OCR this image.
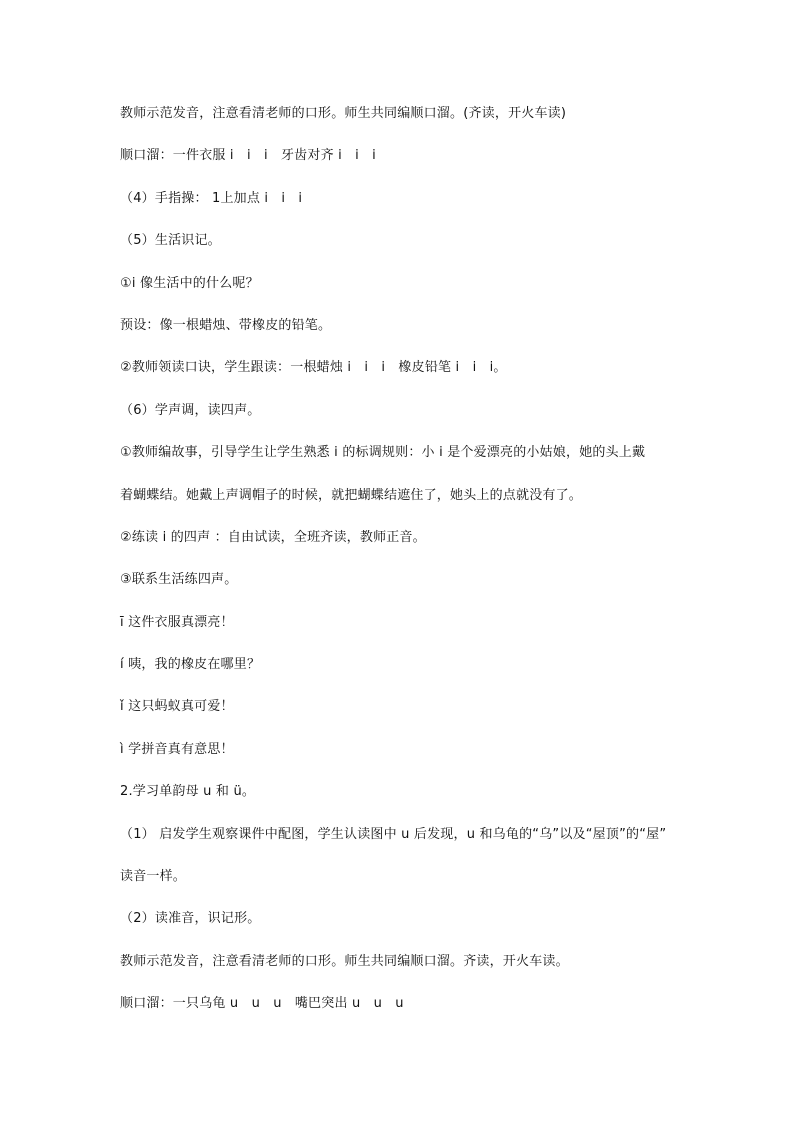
教师示范发音，注意看清老师的口形。师生共同编顺口溜。(齐读，开火车读)
顺口溜：一件衣服 i　i　i　牙齿对齐 i　i　i
（4）手指操： 1上加点 i　i　i
（5）生活识记。
①i 像生活中的什么呢？
预设：像一根蜡烛、带橡皮的铅笔。
②教师领读口诀，学生跟读：一根蜡烛 i　i　i　橡皮铅笔 i　i　i。
（6）学声调，读四声。
①教师编故事，引导学生让学生熟悉 i 的标调规则：小 i 是个爱漂亮的小姑娘，她的头上戴
着蝴蝶结。她戴上声调帽子的时候，就把蝴蝶结遮住了，她头上的点就没有了。
②练读 i 的四声 ：自由试读，全班齐读，教师正音。
③联系生活练四声。
ī 这件衣服真漂亮！
í 咦，我的橡皮在哪里？
ǐ 这只蚂蚁真可爱！
ì 学拼音真有意思！
2.学习单韵母 u 和 ü。
（1） 启发学生观察课件中配图，学生认读图中 u 后发现，u 和乌龟的“乌”以及“屋顶”的“屋”
读音一样。
（2）读准音，识记形。
教师示范发音，注意看清老师的口形。师生共同编顺口溜。齐读，开火车读。
顺口溜：一只乌龟 u　u　u　嘴巴突出 u　u　u
